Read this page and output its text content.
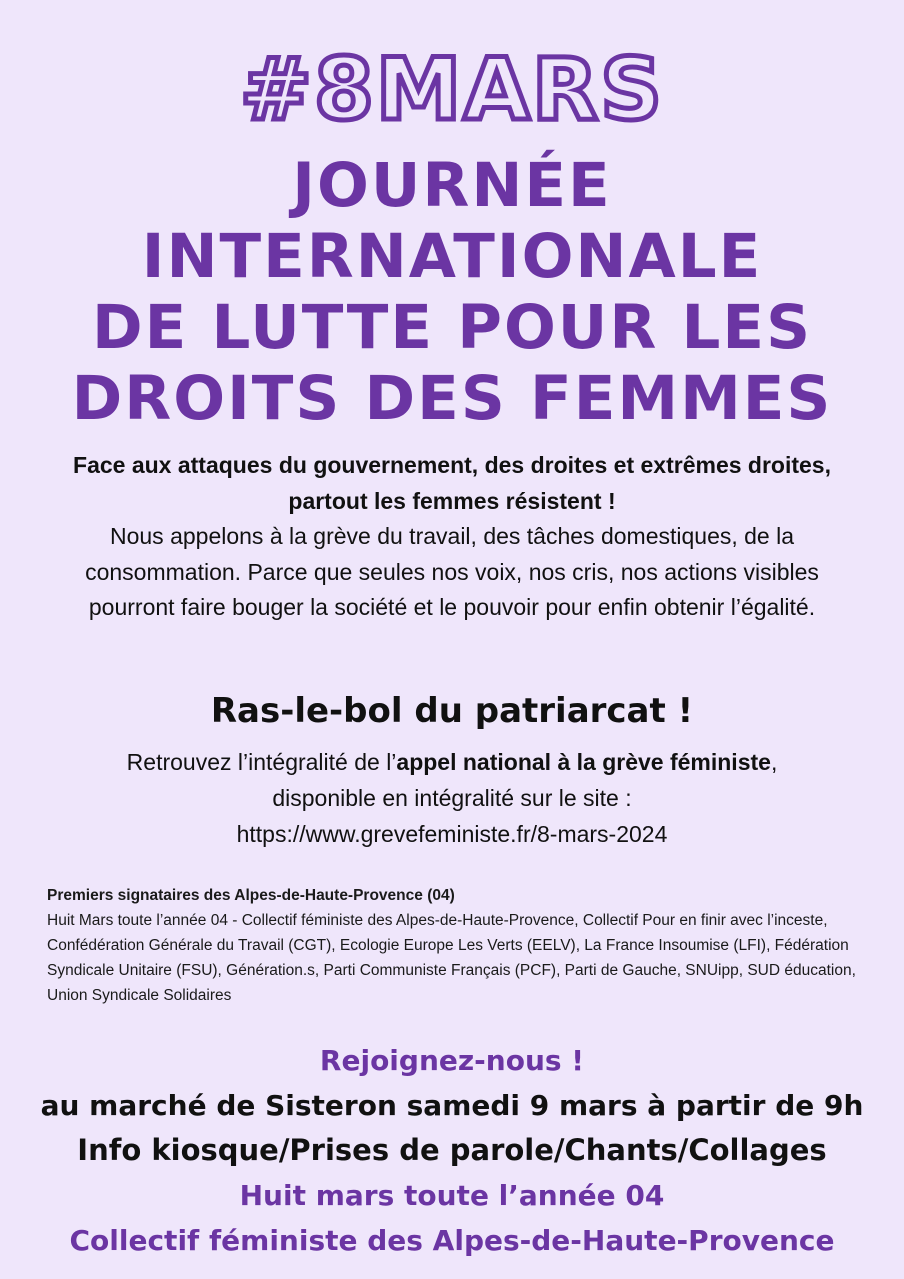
#8MARS
JOURNÉE
INTERNATIONALE
DE LUTTE POUR LES
DROITS DES FEMMES
Face aux attaques du gouvernement, des droites et extrêmes droites, partout les femmes résistent !
Nous appelons à la grève du travail, des tâches domestiques, de la consommation. Parce que seules nos voix, nos cris, nos actions visibles pourront faire bouger la société et le pouvoir pour enfin obtenir l’égalité.
Ras-le-bol du patriarcat !
Retrouvez l’intégralité de l’appel national à la grève féministe,
disponible en intégralité sur le site :
https://www.grevefeministe.fr/8-mars-2024
Premiers signataires des Alpes-de-Haute-Provence (04)
Huit Mars toute l’année 04 - Collectif féministe des Alpes-de-Haute-Provence, Collectif Pour en finir avec l’inceste, Confédération Générale du Travail (CGT), Ecologie Europe Les Verts (EELV), La France Insoumise (LFI), Fédération Syndicale Unitaire (FSU), Génération.s, Parti Communiste Français (PCF), Parti de Gauche, SNUipp, SUD éducation, Union Syndicale Solidaires
Rejoignez-nous !
au marché de Sisteron samedi 9 mars à partir de 9h
Info kiosque/Prises de parole/Chants/Collages
Huit mars toute l’année 04
Collectif féministe des Alpes-de-Haute-Provence
